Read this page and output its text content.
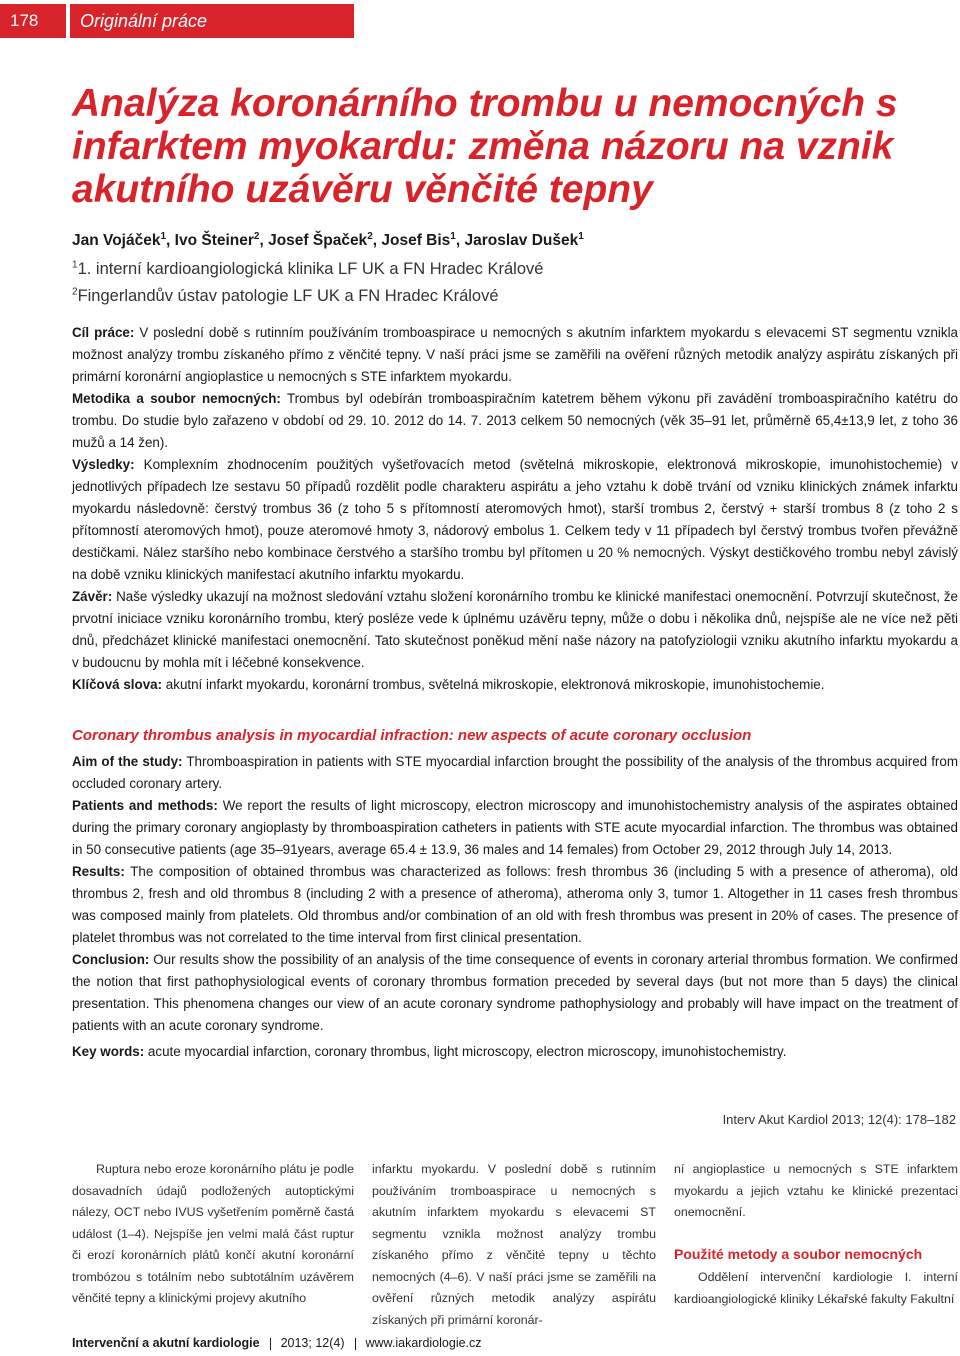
178	Originální práce
Analýza koronárního trombu u nemocných s infarktem myokardu: změna názoru na vznik akutního uzávěru věnčité tepny
Jan Vojáček$^1$, Ivo Šteiner$^2$, Josef Špaček$^2$, Josef Bis$^1$, Jaroslav Dušek$^1$
$^1$1. interní kardioangiologická klinika LF UK a FN Hradec Králové
$^2$Fingerlandův ústav patologie LF UK a FN Hradec Králové

Cíl práce: V poslední době s rutinním používáním tromboaspirace u nemocných s akutním infarktem myokardu s elevacemi ST segmentu vznikla možnost analýzy trombu získaného přímo z věnčité tepny. V naší práci jsme se zaměřili na ověření různých metodik analýzy aspirátu získaných při primární koronární angioplastice u nemocných s STE infarktem myokardu.

Metodika a soubor nemocných: Trombus byl odebírán tromboaspiračním katetrem během výkonu při zavádění tromboaspiračního katétru do trombu. Do studie bylo zařazeno v období od 29. 10. 2012 do 14. 7. 2013 celkem 50 nemocných (věk 35–91 let, průměrně 65,4±13,9 let, z toho 36 mužů a 14 žen).

Výsledky: Komplexním zhodnocením použitých vyšetřovacích metod (světelná mikroskopie, elektronová mikroskopie, imunohistochemie) v jednotlivých případech lze sestavu 50 případů rozdělit podle charakteru aspirátu a jeho vztahu k době trvání od vzniku klinických známek infarktu myokardu následovně: čerstvý trombus 36 (z toho 5 s přítomností ateromových hmot), starší trombus 2, čerstvý + starší trombus 8 (z toho 2 s přítomností ateromových hmot), pouze ateromové hmoty 3, nádorový embolus 1. Celkem tedy v 11 případech byl čerstvý trombus tvořen převážně destičkami. Nález staršího nebo kombinace čerstvého a staršího trombu byl přítomen u 20 % nemocných. Výskyt destičkového trombu nebyl závislý na době vzniku klinických manifestací akutního infarktu myokardu.

Závěr: Naše výsledky ukazují na možnost sledování vztahu složení koronárního trombu ke klinické manifestaci onemocnění. Potvrzují skutečnost, že prvotní iniciace vzniku koronárního trombu, který posléze vede k úplnému uzávěru tepny, může o dobu i několika dnů, nejspíše ale ne více než pěti dnů, předcházet klinické manifestaci onemocnění. Tato skutečnost poněkud mění naše názory na patofyziologii vzniku akutního infarktu myokardu a v budoucnu by mohla mít i léčebné konsekvence.

Klíčová slova: akutní infarkt myokardu, koronární trombus, světelná mikroskopie, elektronová mikroskopie, imunohistochemie.

Coronary thrombus analysis in myocardial infraction: new aspects of acute coronary occlusion

Aim of the study: Thromboaspiration in patients with STE myocardial infarction brought the possibility of the analysis of the thrombus acquired from occluded coronary artery.

Patients and methods: We report the results of light microscopy, electron microscopy and imunohistochemistry analysis of the aspirates obtained during the primary coronary angioplasty by thromboaspiration catheters in patients with STE acute myocardial infarction. The thrombus was obtained in 50 consecutive patients (age 35–91years, average 65.4 ± 13.9, 36 males and 14 females) from October 29, 2012 through July 14, 2013.

Results: The composition of obtained thrombus was characterized as follows: fresh thrombus 36 (including 5 with a presence of atheroma), old thrombus 2, fresh and old thrombus 8 (including 2 with a presence of atheroma), atheroma only 3, tumor 1. Altogether in 11 cases fresh thrombus was composed mainly from platelets. Old thrombus and/or combination of an old with fresh thrombus was present in 20% of cases. The presence of platelet thrombus was not correlated to the time interval from first clinical presentation.

Conclusion: Our results show the possibility of an analysis of the time consequence of events in coronary arterial thrombus formation. We confirmed the notion that first pathophysiological events of coronary thrombus formation preceded by several days (but not more than 5 days) the clinical presentation. This phenomena changes our view of an acute coronary syndrome pathophysiology and probably will have impact on the treatment of patients with an acute coronary syndrome.

Key words: acute myocardial infarction, coronary thrombus, light microscopy, electron microscopy, imunohistochemistry.

Interv Akut Kardiol 2013; 12(4): 178–182

Ruptura nebo eroze koronárního plátu je podle dosavadních údajů podložených autoptickými nálezy, OCT nebo IVUS vyšetřením poměrně častá událost (1–4). Nejspíše jen velmi malá část ruptur či erozí koronárních plátů končí akutní koronární trombózou s totálním nebo subtotálním uzávěrem věnčité tepny a klinickými projevy akutního

infarktu myokardu. V poslední době s rutinním používáním tromboaspirace u nemocných s akutním infarktem myokardu s elevacemi ST segmentu vznikla možnost analýzy trombu získaného přímo z věnčité tepny u těchto nemocných (4–6). V naší práci jsme se zaměřili na ověření různých metodik analýzy aspirátu získaných při primární koronár-

ní angioplastice u nemocných s STE infarktem myokardu a jejich vztahu ke klinické prezentaci onemocnění.

Použité metody a soubor nemocných

Oddělení intervenční kardiologie I. interní kardioangiologické kliniky Lékařské fakulty Fakultní

Intervenční a akutní kardiologie 2013; 12(4) www.iakardiologie.cz
